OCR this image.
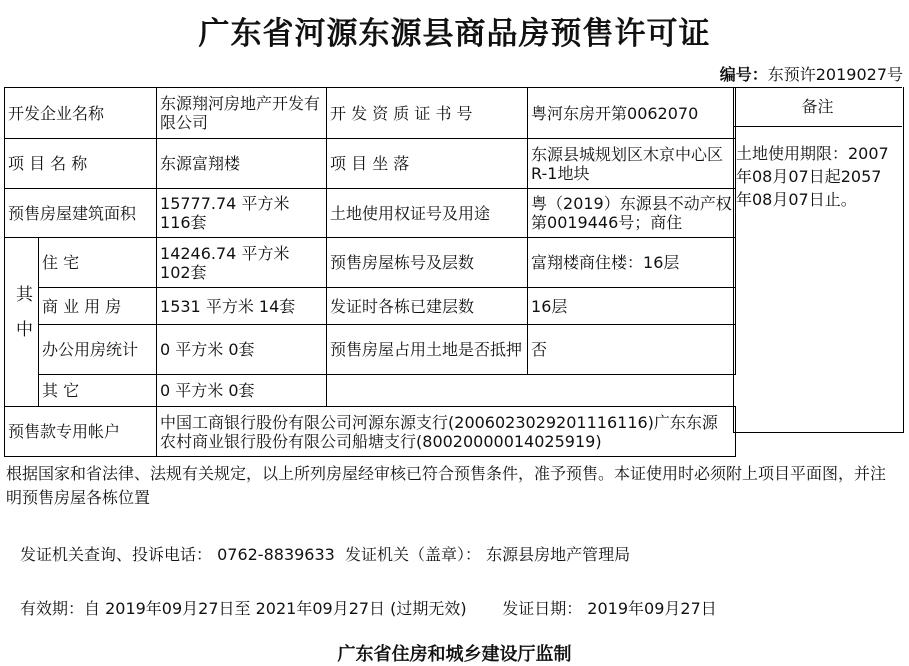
广东省河源东源县商品房预售许可证
编号：东预许2019027号
开发企业名称		东源翔河房地产开发有限公司	开 发 资 质 证 书 号	粤河东房开第0062070
项 目 名 称		东源富翔楼	项 目 坐 落	东源县城规划区木京中心区R-1地块
预售房屋建筑面积		15777.74 平方米 116套	土地使用权证号及用途	粤（2019）东源县不动产权第0019446号；商住
其中	住 宅	14246.74 平方米 102套	预售房屋栋号及层数	富翔楼商住楼：16层
	商 业 用 房	1531 平方米 14套	发证时各栋已建层数	16层
	办公用房统计	0 平方米 0套	预售房屋占用土地是否抵押	否
	其 它	0 平方米 0套		
预售款专用帐户		中国工商银行股份有限公司河源东源支行(2006023029201116116)广东东源农村商业银行股份有限公司船塘支行(80020000014025919)		
备注
土地使用期限：2007年08月07日起2057年08月07日止。
根据国家和省法律、法规有关规定，以上所列房屋经审核已符合预售条件，准予预售。本证使用时必须附上项目平面图，并注明预售房屋各栋位置
发证机关查询、投诉电话： 0762-8839633  发证机关（盖章）： 东源县房地产管理局
有效期：自 2019年09月27日至 2021年09月27日 (过期无效)       发证日期： 2019年09月27日
广东省住房和城乡建设厅监制
